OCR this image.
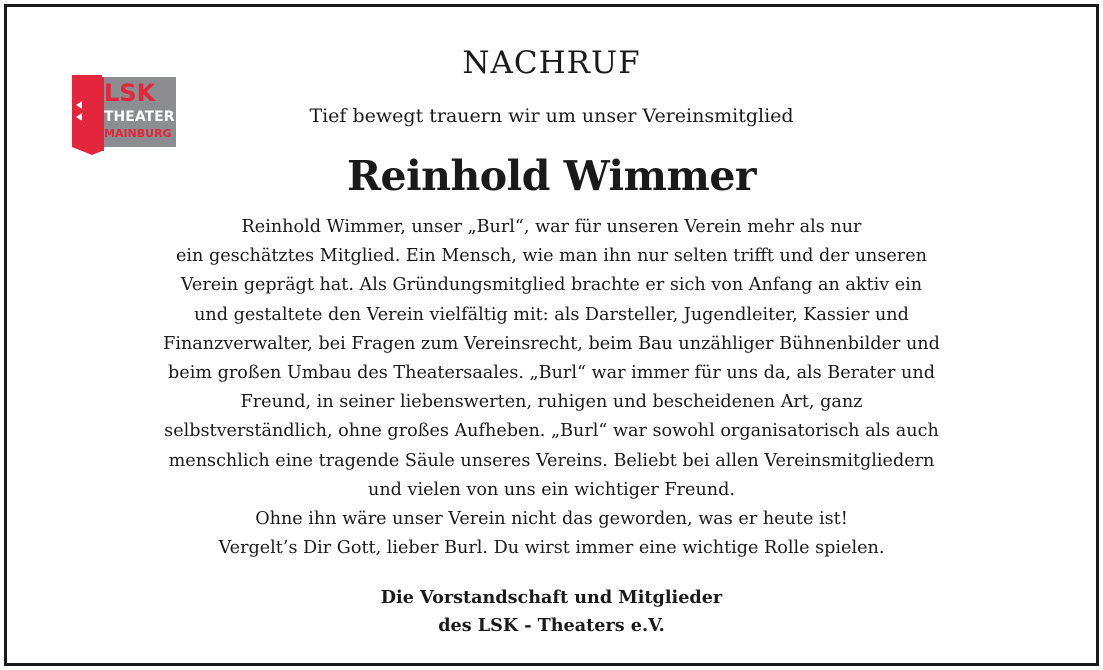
LSK
THEATER
MAINBURG
NACHRUF
Tief bewegt trauern wir um unser Vereinsmitglied
Reinhold Wimmer
Reinhold Wimmer, unser „Burl“, war für unseren Verein mehr als nur
ein geschätztes Mitglied. Ein Mensch, wie man ihn nur selten trifft und der unseren
Verein geprägt hat. Als Gründungsmitglied brachte er sich von Anfang an aktiv ein
und gestaltete den Verein vielfältig mit: als Darsteller, Jugendleiter, Kassier und
Finanzverwalter, bei Fragen zum Vereinsrecht, beim Bau unzähliger Bühnenbilder und
beim großen Umbau des Theatersaales. „Burl“ war immer für uns da, als Berater und
Freund, in seiner liebenswerten, ruhigen und bescheidenen Art, ganz
selbstverständlich, ohne großes Aufheben. „Burl“ war sowohl organisatorisch als auch
menschlich eine tragende Säule unseres Vereins. Beliebt bei allen Vereinsmitgliedern
und vielen von uns ein wichtiger Freund.
Ohne ihn wäre unser Verein nicht das geworden, was er heute ist!
Vergelt’s Dir Gott, lieber Burl. Du wirst immer eine wichtige Rolle spielen.
Die Vorstandschaft und Mitglieder
des LSK - Theaters e.V.
